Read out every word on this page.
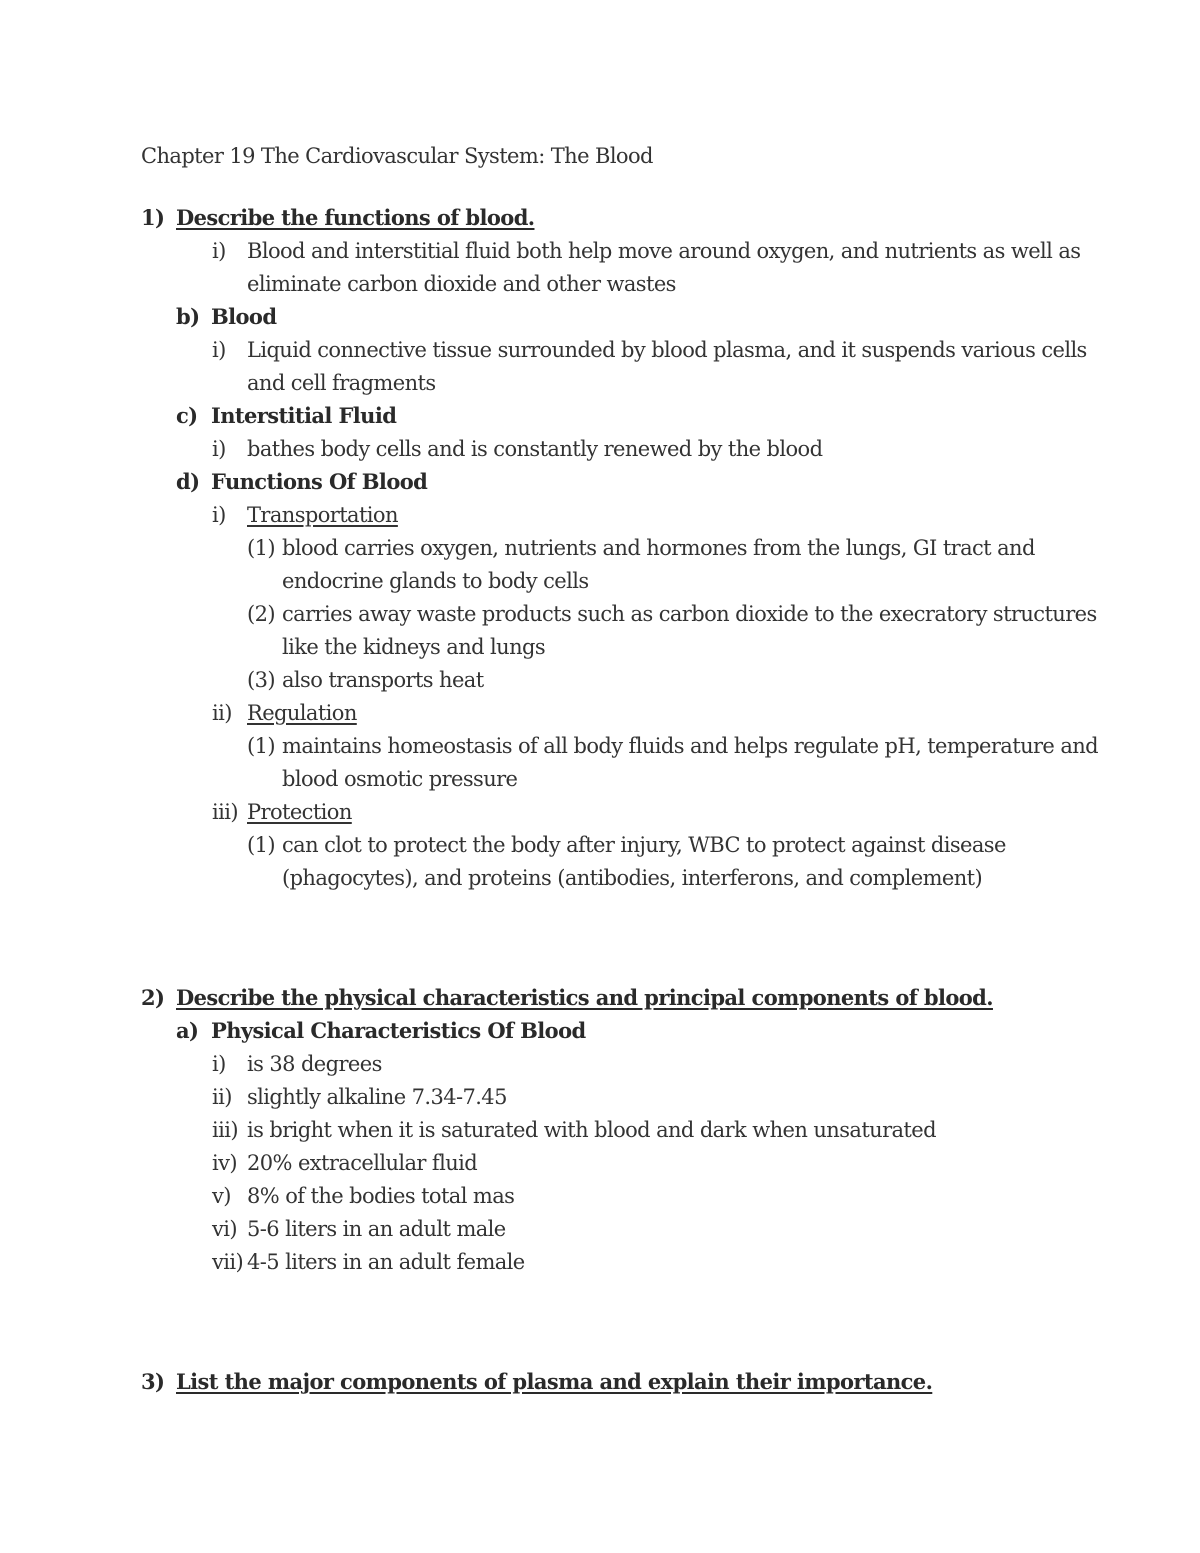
Chapter 19 The Cardiovascular System: The Blood
1) Describe the functions of blood.
i) Blood and interstitial fluid both help move around oxygen, and nutrients as well as
eliminate carbon dioxide and other wastes
b) Blood
i) Liquid connective tissue surrounded by blood plasma, and it suspends various cells
and cell fragments
c) Interstitial Fluid
i) bathes body cells and is constantly renewed by the blood
d) Functions Of Blood
i) Transportation
(1) blood carries oxygen, nutrients and hormones from the lungs, GI tract and
endocrine glands to body cells
(2) carries away waste products such as carbon dioxide to the execratory structures
like the kidneys and lungs
(3) also transports heat
ii) Regulation
(1) maintains homeostasis of all body fluids and helps regulate pH, temperature and
blood osmotic pressure
iii) Protection
(1) can clot to protect the body after injury, WBC to protect against disease
(phagocytes), and proteins (antibodies, interferons, and complement)
2) Describe the physical characteristics and principal components of blood.
a) Physical Characteristics Of Blood
i) is 38 degrees
ii) slightly alkaline 7.34-7.45
iii) is bright when it is saturated with blood and dark when unsaturated
iv) 20% extracellular fluid
v) 8% of the bodies total mas
vi) 5-6 liters in an adult male
vii) 4-5 liters in an adult female
3) List the major components of plasma and explain their importance.
